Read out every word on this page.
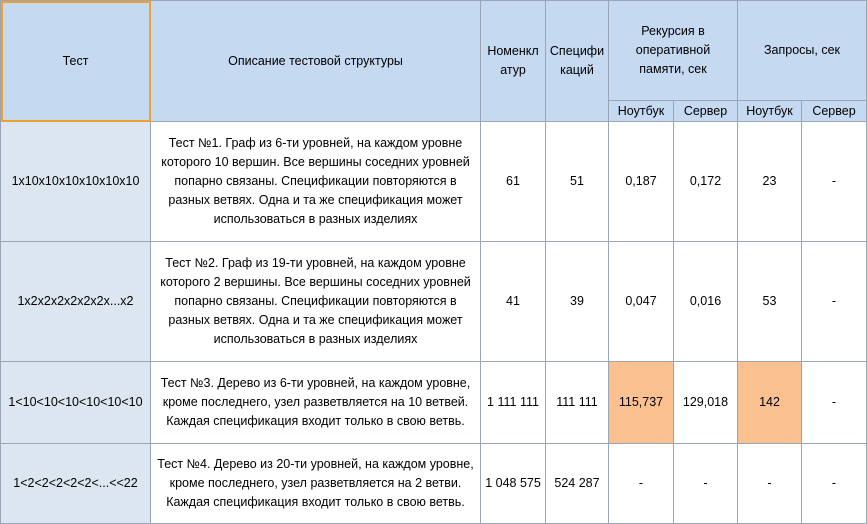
Тест	Описание тестовой структуры	Номенклатур	Спецификаций	Рекурсия в оперативной памяти, сек		Запросы, сек	
				Ноутбук	Сервер	Ноутбук	Сервер
1x10x10x10x10x10x10	Тест №1. Граф из 6-ти уровней, на каждом уровне которого 10 вершин. Все вершины соседних уровней попарно связаны. Спецификации повторяются в разных ветвях. Одна и та же спецификация может использоваться в разных изделиях	61	51	0,187	0,172	23	-
1x2x2x2x2x2x2x...x2	Тест №2. Граф из 19-ти уровней, на каждом уровне которого 2 вершины. Все вершины соседних уровней попарно связаны. Спецификации повторяются в разных ветвях. Одна и та же спецификация может использоваться в разных изделиях	41	39	0,047	0,016	53	-
1<10<10<10<10<10<10	Тест №3. Дерево из 6-ти уровней, на каждом уровне, кроме последнего, узел разветвляется на 10 ветвей. Каждая спецификация входит только в свою ветвь.	1 111 111	111 111	115,737	129,018	142	-
1<2<2<2<2<2<...<<22	Тест №4. Дерево из 20-ти уровней, на каждом уровне, кроме последнего, узел разветвляется на 2 ветви. Каждая спецификация входит только в свою ветвь.	1 048 575	524 287	-	-	-	-
